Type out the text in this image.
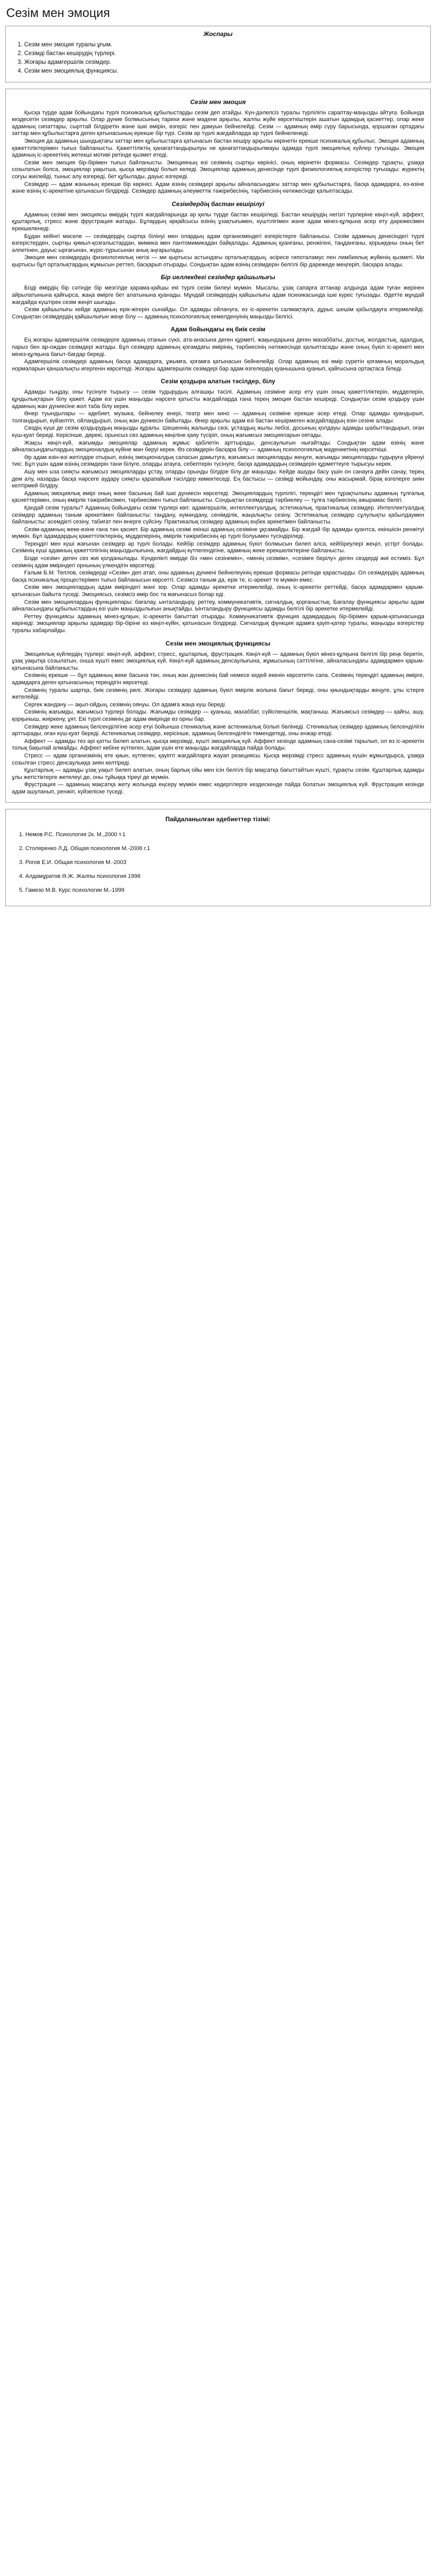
Сезім мен эмоция
Жоспары
1. Сезім мен эмоция туралы ұғым.
2. Сезімдi бастан кешірудің түрлері.
3. Жоғары адамгершілік сезімдер.
4. Сезім мен эмоциялық функциясы.
Сезім мен эмоция

Қысқа түрде адам бойындағы түрлі психикалық құбылыстарды сезім деп атайды. Күн-дәлелсіз туралы түрлілігін сараптау-маңызды айтуға. Бойында кездесетін сезімдер арқылы. Олар дүние болмысының тарихи және мәдени арқылы, жалпы жүйе көрсеткіштерін ашатын адамдық қасиеттер, олар жеке адамның сипаттары, сырттай білдіретін және ішкі өмірін, өзгеріс пен дамуын бейнелейді. Сезім — адамның өмір сүру барысында, қоршаған ортадағы заттар мен құбылыстарға деген қатынасының ерекше бір түрі. Сезім әр түрлі жағдайларда әр түрлі бейнеленеді.

Эмоция да адамның шындықтағы заттар мен құбылыстарға қатынасын бастан кешіру арқылы көрінетін ерекше психикалық құбылыс. Эмоция адамның қажеттіліктерімен тығыз байланысты. Қажеттіліктің қанағаттандырылуы не қанағаттандырылмауы адамда түрлі эмоциялық күйлер туғызады. Эмоция адамның іс-әрекетінің жетекші мотиві ретінде қызмет етеді.

Сезім мен эмоция бір-бірімен тығыз байланысты. Эмоцияның өзі сезімнің сыртқы көрінісі, оның көрінетін формасы. Сезімдер тұрақты, ұзаққа созылатын болса, эмоциялар уақытша, қысқа мерзімді болып келеді. Эмоциялар адамның денесінде түрлі физиологиялық өзгерістер туғызады: жүректің соғуы жиілейді, тыныс алу өзгереді, бет құбылады, дауыс өзгереді.

Сезімдер — адам жанының ерекше бір көрінісі. Адам өзінің сезімдері арқылы айналасындағы заттар мен құбылыстарға, басқа адамдарға, өз-өзіне және өзінің іс-әрекетіне қатынасын білдіреді. Сезімдер адамның әлеуметтік тәжірибесінің, тәрбиесінің нәтижесінде қалыптасады.

Сезімдердің бастан кешірілуі

Адамның сезімі мен эмоциясы өмірдің түрлі жағдайларында әр қилы түрде бастан кешіріледі. Бастан кешірудің негізгі түрлеріне көңіл-күй, аффект, құштарлық, стресс және фрустрация жатады. Бұлардың әрқайсысы өзінің ұзақтығымен, күштілігімен және адам мінез-құлқына әсер ету дәрежесімен ерекшеленеді.

Бұдан кейінгі мәселе — сезімдердің сыртқа білінуі мен олардың адам организміндегі өзгерістерге байланысы. Сезім адамның денесіндегі түрлі өзгерістерден, сыртқы қимыл-қозғалыстардан, мимика мен пантомимикадан байқалады. Адамның қуанғаны, ренжігені, таңданғаны, қорыққаны оның бет әлпетінен, дауыс ырғағынан, жүріс-тұрысынан анық аңғарылады.

Эмоция мен сезімдердің физиологиялық негізі — ми қыртысы астындағы орталықтардың, әсіресе гипоталамус пен лимбиялық жүйенің қызметі. Ми қыртысы бұл орталықтардың жұмысын реттеп, басқарып отырады. Сондықтан адам өзінің сезімдерін белгілі бір дәрежеде меңгеріп, басқара алады.

Бір иеллекдегі сезімдер қайшылығы

Бізді өмірдің бір сәтінде бір мезгілде қарама-қайшы екі түрлі сезім билеуі мүмкін. Мысалы, ұзақ сапарға аттанар алдында адам туған жерінен айрылатынына қайғырса, жаңа өмірге бет алатынына қуанады. Мұндай сезімдердің қайшылығы адам психикасында ішкі күрес туғызады. Әдетте мұндай жағдайда күштірек сезім жеңіп шығады.

Сезім қайшылығы кейде адамның ерік-жігерін сынайды. Ол адамды ойлануға, өз іс-әрекетін салмақтауға, дұрыс шешім қабылдауға итермелейді. Сондықтан сезімдердің қайшылығын жеңе білу — адамның психологиялық кемелденуінің маңызды белгісі.

Адам бойындағы ең биік сезім

Ең жоғары адамгершілік сезімдерге адамның отанын сүюі, ата-анасына деген құрметі, жақындарына деген махаббаты, достық, жолдастық, адалдық, парыз бен ар-ождан сезімдері жатады. Бұл сезімдер адамның қоғамдағы өмірінің, тәрбиесінің нәтижесінде қалыптасады және оның бүкіл іс-әрекеті мен мінез-құлқына бағыт-бағдар береді.

Адамгершілік сезімдері адамның басқа адамдарға, ұжымға, қоғамға қатынасын бейнелейді. Олар адамның өзі өмір сүретін қоғамның моральдық нормаларын қаншалықты игергенін көрсетеді. Жоғары адамгершілік сезімдері бар адам өзгелердің қуанышына қуанып, қайғысына ортақтаса біледі.

Сезім қоздыра алатын тәсілдер, білу

Адамды тыңдау, оны түсінуге тырысу — сезім тудырудың алғашқы тәсілі. Адамның сезіміне әсер ету үшін оның қажеттіліктерін, мүдделерін, құндылықтарын білу қажет. Адам өзі үшін маңызды нәрсеге қатысты жағдайларда ғана терең эмоция бастан кешіреді. Сондықтан сезім қоздыру үшін адамның жан дүниесіне жол таба білу керек.

Өнер туындылары — әдебиет, музыка, бейнелеу өнері, театр мен кино — адамның сезіміне ерекше әсер етеді. Олар адамды қуандырып, толғандырып, күйзелтіп, ойландырып, оның жан дүниесін байытады. Өнер арқылы адам өзі бастан кешірмеген жағдайлардың өзін сезіне алады.

Сөздің күші де сезім қоздырудың маңызды құралы. Шешеннің жалынды сөзі, ұстаздың жылы лебізі, досының қолдауы адамды шабыттандырып, оған күш-қуат береді. Керісінше, дөрекі, орынсыз сөз адамның көңіліне қаяу түсіріп, оның жағымсыз эмоцияларын оятады.

Жақсы көңіл-күй, жағымды эмоциялар адамның жұмыс қабілетін арттырады, денсаулығын нығайтады. Сондықтан адам өзінің және айналасындағылардың эмоционалдық күйіне мән беруі керек. Өз сезімдерін басқара білу — адамның психологиялық мәдениетінің көрсеткіші.

Әр адам өзін-өзі жетілдіре отырып, өзінің эмоционалдық саласын дамытуға, жағымсыз эмоцияларды жеңуге, жағымды эмоцияларды тудыруға үйренуі тиіс. Бұл үшін адам өзінің сезімдерін тани білуге, оларды атауға, себептерін түсінуге, басқа адамдардың сезімдерін құрметтеуге тырысуы керек.

Ашу мен ыза сияқты жағымсыз эмоцияларды ұстау, оларды орынды білдіре білу де маңызды. Кейде ашуды басу үшін он санауға дейін санау, терең дем алу, назарды басқа нәрсеге аудару сияқты қарапайым тәсілдер көмектеседі. Ең бастысы — сезімді мойындау, оны жасырмай, бірақ өзгелерге зиян келтірмей білдіру.

Адамның эмоциялық өмірі оның жеке басының бай ішкі дүниесін көрсетеді. Эмоциялардың түрлілігі, тереңдігі мен тұрақтылығы адамның тұлғалық қасиеттерімен, оның өмірлік тәжірибесімен, тәрбиесімен тығыз байланысты. Сондықтан сезімдерді тәрбиелеу — тұлға тәрбиесінің ажырамас бөлігі.

Қандай сезім туралы? Адамның бойындағы сезім түрлері көп: адамгершілік, интеллектуалдық, эстетикалық, практикалық сезімдер. Интеллектуалдық сезімдер адамның таным әрекетімен байланысты: таңдану, күмәндану, сенімділік, жаңалықты сезіну. Эстетикалық сезімдер сұлулықты қабылдаумен байланысты: әсемдікті сезіну, табиғат пен өнерге сүйсіну. Практикалық сезімдер адамның еңбек әрекетімен байланысты.

Сезім-адамның жеке-өзіне ғана тән қасиет. Бір адамның сезімі екінші адамның сезіміне ұқсамайды. Бір жағдай бір адамды қуантса, екіншісін ренжітуі мүмкін. Бұл адамдардың қажеттіліктерінің, мүдделерінің, өмірлік тәжірибесінің әр түрлі болуымен түсіндіріледі.

Тереңдігі мен күші жағынан сезімдер әр түрлі болады. Кейбір сезімдер адамның бүкіл болмысын билеп алса, кейбіреулері жеңіл, үстірт болады. Сезімнің күші адамның қажеттілігінің маңыздылығына, жағдайдың күтпегендігіне, адамның жеке ерекшеліктеріне байланысты.

Бізде «сезім» деген сөз жиі қолданылады. Күнделікті өмірде біз «мен сезінемін», «менің сезімім», «сезімге берілу» деген сөздерді жиі естиміз. Бұл сезімнің адам өміріндегі орнының үлкендігін көрсетеді.

Ғалым Б.М. Теплов, сезімдерді «Сезім» деп атап, оны адамның дүниені бейнелеуінің ерекше формасы ретінде қарастырды. Ол сезімдердің адамның басқа психикалық процестерімен тығыз байланысын көрсетті. Сезімсіз таным да, ерік те, іс-әрекет те мүмкін емес.

Сезім мен эмоциялардың адам өміріндегі мәні зор. Олар адамды әрекетке итермелейді, оның іс-әрекетін реттейді, басқа адамдармен қарым-қатынасын байыта түседі. Эмоциясыз, сезімсіз өмір бос та мағынасыз болар еді.

Сезім мен эмоциялардың функциялары: бағалау, ынталандыру, реттеу, коммуникативтік, сигналдық, қорғаныстық. Бағалау функциясы арқылы адам айналасындағы құбылыстардың өзі үшін маңыздылығын анықтайды. Ынталандыру функциясы адамды белгілі бір әрекетке итермелейді.

Реттеу функциясы адамның мінез-құлқын, іс-әрекетін бағыттап отырады. Коммуникативтік функция адамдардың бір-бірімен қарым-қатынасында көрінеді: эмоциялар арқылы адамдар бір-біріне өз көңіл-күйін, қатынасын білдіреді. Сигналдық функция адамға қауіп-қатер туралы, маңызды өзгерістер туралы хабарлайды.

Сезім мен эмоциялық функциясы

Эмоциялық күйлердің түрлері: көңіл-күй, аффект, стресс, құштарлық, фрустрация. Көңіл-күй — адамның бүкіл мінез-құлқына белгілі бір реңк беретін, ұзақ уақытқа созылатын, онша күшті емес эмоциялық күй. Көңіл-күй адамның денсаулығына, жұмысының сәттілігіне, айналасындағы адамдармен қарым-қатынасына байланысты.

Сезімнің ерекше — бұл адамның жеке басына тән, оның жан дүниесінің бай немесе кедей екенін көрсететін сапа. Сезімнің тереңдігі адамның өмірге, адамдарға деген қатынасының тереңдігін көрсетеді.

Сезімнің туралы шартқа, биік сезімнің рөлі. Жоғары сезімдер адамның бүкіл өмірлік жолына бағыт береді, оны қиындықтарды жеңуге, ұлы істерге жетелейді.

Сергек жандану — ақыл-ойдың, сезімнің оянуы. Ол адамға жаңа күш береді.

Сезімнің жағымды, жағымсыз түрлері болады. Жағымды сезімдер — қуаныш, махаббат, сүйіспеншілік, мақтаныш. Жағымсыз сезімдер — қайғы, ашу, қорқыныш, жиіркену, ұят. Екі түрлі сезімнің де адам өмірінде өз орны бар.

Сезімдер жеке адамның белсенділігіне әсер етуі бойынша стеникалық және астеникалық болып бөлінеді. Стеникалық сезімдер адамның белсенділігін арттырады, оған күш-қуат береді. Астеникалық сезімдер, керісінше, адамның белсенділігін төмендетеді, оны енжар етеді.

Аффект — адамды тез әрі қатты билеп алатын, қысқа мерзімді, күшті эмоциялық күй. Аффект кезінде адамның сана-сезімі тарылып, ол өз іс-әрекетін толық бақылай алмайды. Аффект көбіне күтпеген, адам үшін өте маңызды жағдайларда пайда болады.

Стресс — адам организмінің өте қиын, күтпеген, қауіпті жағдайларға жауап реакциясы. Қысқа мерзімді стресс адамның күшін жұмылдырса, ұзаққа созылған стресс денсаулыққа зиян келтіреді.

Құштарлық — адамды ұзақ уақыт билеп алатын, оның барлық ойы мен ісін белгілі бір мақсатқа бағыттайтын күшті, тұрақты сезім. Құштарлық адамды ұлы жетістіктерге жетелеуі де, оны тұйыққа тіреуі де мүмкін.

Фрустрация — адамның мақсатқа жету жолында еңсеру мүмкін емес кедергілерге кездескенде пайда болатын эмоциялық күй. Фрустрация кезінде адам ашуланып, ренжіп, күйзеліске түседі.

Пайдаланылған әдебиеттер тізімі:
1. Немов Р.С. Психология 2к. М.,2000 т.1
2. Столяренко Л.Д. Общая психология М.-2006 г.1
3. Рогов Е.И. Общая психология М.-2003
4. Алдамұратов Ә.Ж. Жалпы психология 1996
5. Гамезо М.В. Курс психологии М.-1999
